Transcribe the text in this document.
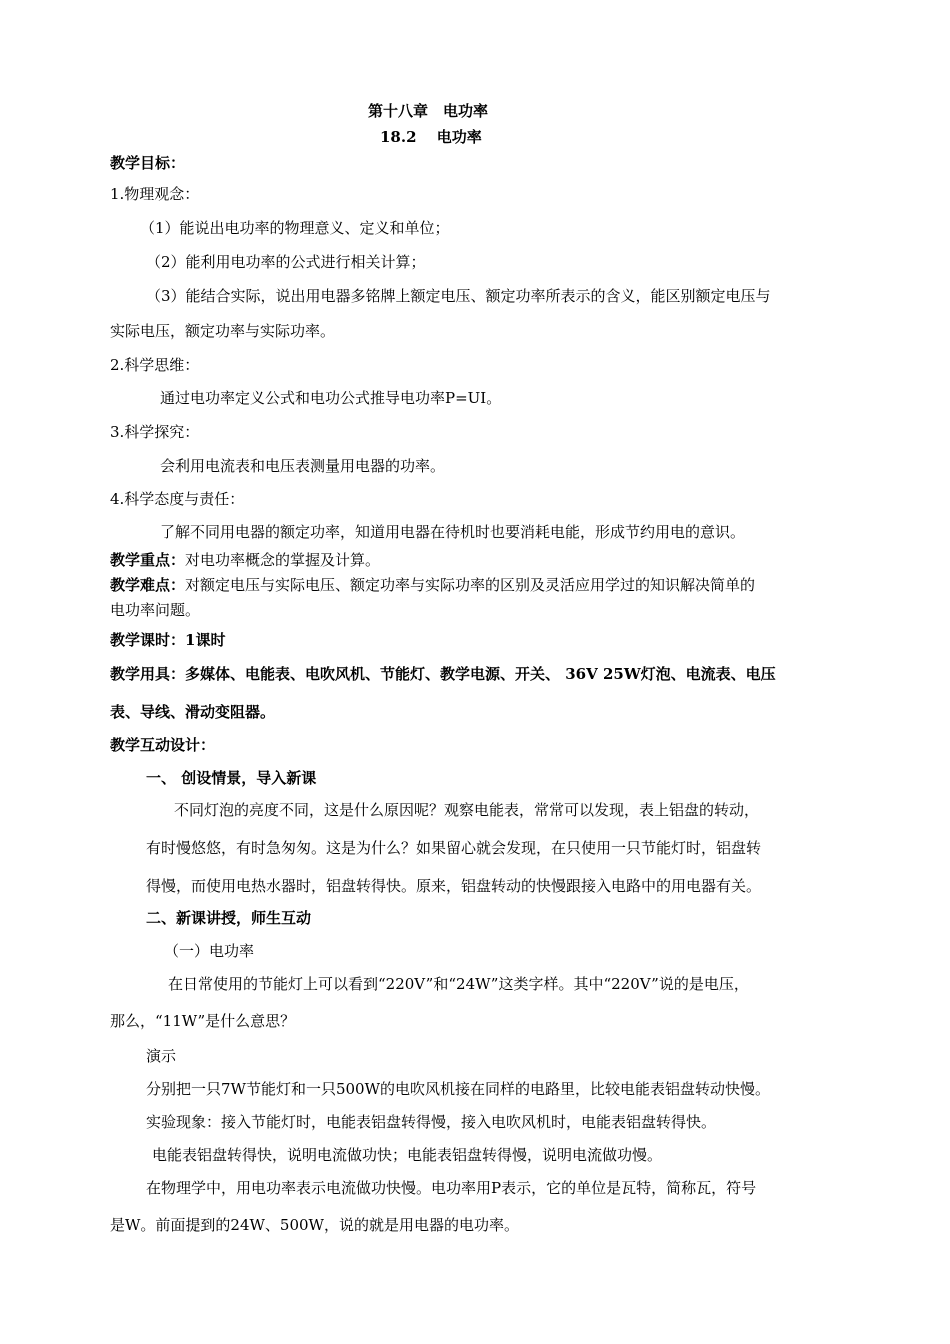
第十八章　电功率
18.2　 电功率
教学目标：
1.物理观念：
（1）能说出电功率的物理意义、定义和单位；
（2）能利用电功率的公式进行相关计算；
（3）能结合实际，说出用电器多铭牌上额定电压、额定功率所表示的含义，能区别额定电压与
实际电压，额定功率与实际功率。
2.科学思维：
通过电功率定义公式和电功公式推导电功率P=UI。
3.科学探究：
会利用电流表和电压表测量用电器的功率。
4.科学态度与责任：
了解不同用电器的额定功率，知道用电器在待机时也要消耗电能，形成节约用电的意识。
教学重点：对电功率概念的掌握及计算。
教学难点：对额定电压与实际电压、额定功率与实际功率的区别及灵活应用学过的知识解决简单的
电功率问题。
教学课时：1课时
教学用具：多媒体、电能表、电吹风机、节能灯、教学电源、开关、 36V 25W灯泡、电流表、电压
表、导线、滑动变阻器。
教学互动设计：
一、 创设情景，导入新课
不同灯泡的亮度不同，这是什么原因呢？观察电能表，常常可以发现，表上铝盘的转动，
有时慢悠悠，有时急匆匆。这是为什么？如果留心就会发现，在只使用一只节能灯时，铝盘转
得慢，而使用电热水器时，铝盘转得快。原来，铝盘转动的快慢跟接入电路中的用电器有关。
二、新课讲授，师生互动
（一）电功率
在日常使用的节能灯上可以看到“220V”和“24W”这类字样。其中“220V”说的是电压，
那么，“11W”是什么意思？
演示
分别把一只7W节能灯和一只500W的电吹风机接在同样的电路里，比较电能表铝盘转动快慢。
实验现象：接入节能灯时，电能表铝盘转得慢，接入电吹风机时，电能表铝盘转得快。
电能表铝盘转得快，说明电流做功快；电能表铝盘转得慢，说明电流做功慢。
在物理学中，用电功率表示电流做功快慢。电功率用P表示，它的单位是瓦特，简称瓦，符号
是W。前面提到的24W、500W，说的就是用电器的电功率。
